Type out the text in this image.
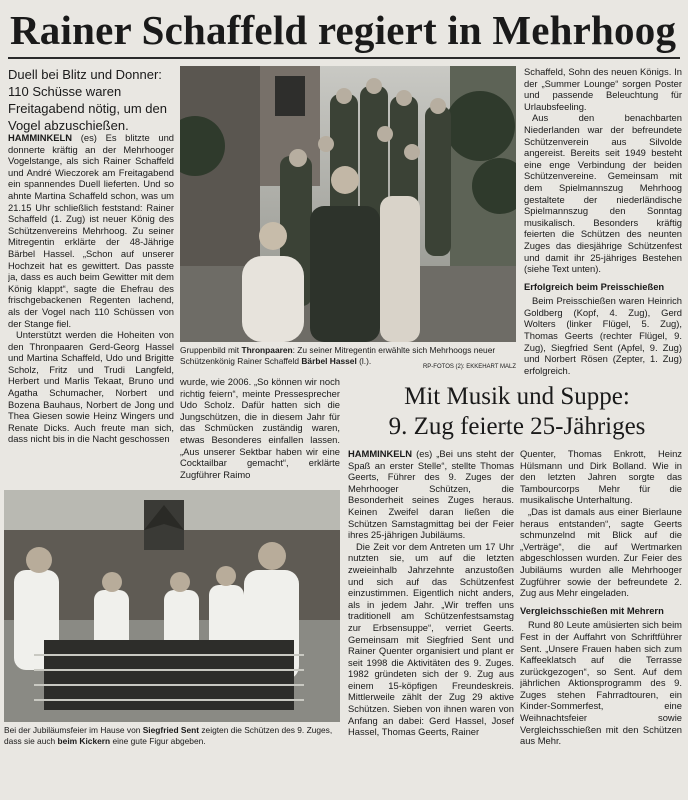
Rainer Schaffeld regiert in Mehrhoog
Duell bei Blitz und Donner: 110 Schüsse waren Freitagabend nötig, um den Vogel abzuschießen.

HAMMINKELN (es) Es blitzte und donnerte kräftig an der Mehrhooger Vogelstange, als sich Rainer Schaffeld und André Wieczorek am Freitagabend ein spannendes Duell lieferten. Und so ahnte Martina Schaffeld schon, was um 21.15 Uhr schließlich feststand: Rainer Schaffeld (1. Zug) ist neuer König des Schützenvereins Mehrhoog. Zu seiner Mitregentin erklärte der 48-Jährige Bärbel Hassel. „Schon auf unserer Hochzeit hat es gewittert. Das passte ja, dass es auch beim Gewitter mit dem König klappt“, sagte die Ehefrau des frischgebackenen Regenten lachend, als der Vogel nach 110 Schüssen von der Stange fiel.

Unterstützt werden die Hoheiten von den Thronpaaren Gerd-Georg Hassel und Martina Schaffeld, Udo und Brigitte Scholz, Fritz und Trudi Langfeld, Herbert und Marlis Tekaat, Bruno und Agatha Schumacher, Norbert und Bozena Bauhaus, Norbert de Jong und Thea Giesen sowie Heinz Wingers und Renate Dicks. Auch freute man sich, dass nicht bis in die Nacht geschossen

Gruppenbild mit Thronpaaren: Zu seiner Mitregentin erwählte sich Mehrhoogs neuer Schützenkönig Rainer Schaffeld Bärbel Hassel (l.).
RP-FOTOS (2): EKKEHART MALZ

wurde, wie 2006. „So können wir noch richtig feiern“, meinte Pressesprecher Udo Scholz. Dafür hatten sich die Jungschützen, die in diesem Jahr für das Schmücken zuständig waren, etwas Besonderes einfallen lassen. „Aus unserer Sektbar haben wir eine Cocktailbar gemacht“, erklärte Zugführer Raimo

Schaffeld, Sohn des neuen Königs. In der „Summer Lounge“ sorgen Poster und passende Beleuchtung für Urlaubsfeeling.

Aus den benachbarten Niederlanden war der befreundete Schützenverein aus Silvolde angereist. Bereits seit 1949 besteht eine enge Verbindung der beiden Schützenvereine. Gemeinsam mit dem Spielmannszug Mehrhoog gestaltete der niederländische Spielmannszug den Sonntag musikalisch. Besonders kräftig feierten die Schützen des neunten Zuges das diesjährige Schützenfest und damit ihr 25-jähriges Bestehen (siehe Text unten).

Erfolgreich beim Preisschießen

Beim Preisschießen waren Heinrich Goldberg (Kopf, 4. Zug), Gerd Wolters (linker Flügel, 5. Zug), Thomas Geerts (rechter Flügel, 9. Zug), Siegfried Sent (Apfel, 9. Zug) und Norbert Rösen (Zepter, 1. Zug) erfolgreich.

Mit Musik und Suppe:
9. Zug feierte 25-Jähriges
Bei der Jubiläumsfeier im Hause von Siegfried Sent zeigten die Schützen des 9. Zuges, dass sie auch beim Kickern eine gute Figur abgeben.

HAMMINKELN (es) „Bei uns steht der Spaß an erster Stelle“, stellte Thomas Geerts, Führer des 9. Zuges der Mehrhooger Schützen, die Besonderheit seines Zuges heraus. Keinen Zweifel daran ließen die Schützen Samstagmittag bei der Feier ihres 25-jährigen Jubiläums.

Die Zeit vor dem Antreten um 17 Uhr nutzten sie, um auf die letzten zweieinhalb Jahrzehnte anzustoßen und sich auf das Schützenfest einzustimmen. Eigentlich nicht anders, als in jedem Jahr. „Wir treffen uns traditionell am Schützenfestsamstag zur Erbsensuppe“, verriet Geerts. Gemeinsam mit Siegfried Sent und Rainer Quenter organisiert und plant er seit 1998 die Aktivitäten des 9. Zuges. 1982 gründeten sich der 9. Zug aus einem 15-köpfigen Freundeskreis. Mittlerweile zählt der Zug 29 aktive Schützen. Sieben von ihnen waren von Anfang an dabei: Gerd Hassel, Josef Hassel, Thomas Geerts, Rainer

Quenter, Thomas Enkrott, Heinz Hülsmann und Dirk Bolland. Wie in den letzten Jahren sorgte das Tambourcorps Mehr für die musikalische Unterhaltung.

„Das ist damals aus einer Bierlaune heraus entstanden“, sagte Geerts schmunzelnd mit Blick auf die „Verträge“, die auf Wertmarken abgeschlossen wurden. Zur Feier des Jubiläums wurden alle Mehrhooger Zugführer sowie der befreundete 2. Zug aus Mehr eingeladen.

Vergleichsschießen mit Mehrern

Rund 80 Leute amüsierten sich beim Fest in der Auffahrt von Schriftführer Sent. „Unsere Frauen haben sich zum Kaffeeklatsch auf die Terrasse zurückgezogen“, so Sent. Auf dem jährlichen Aktionsprogramm des 9. Zuges stehen Fahrradtouren, ein Kinder-Sommerfest, eine Weihnachtsfeier sowie Vergleichsschießen mit den Schützen aus Mehr.
